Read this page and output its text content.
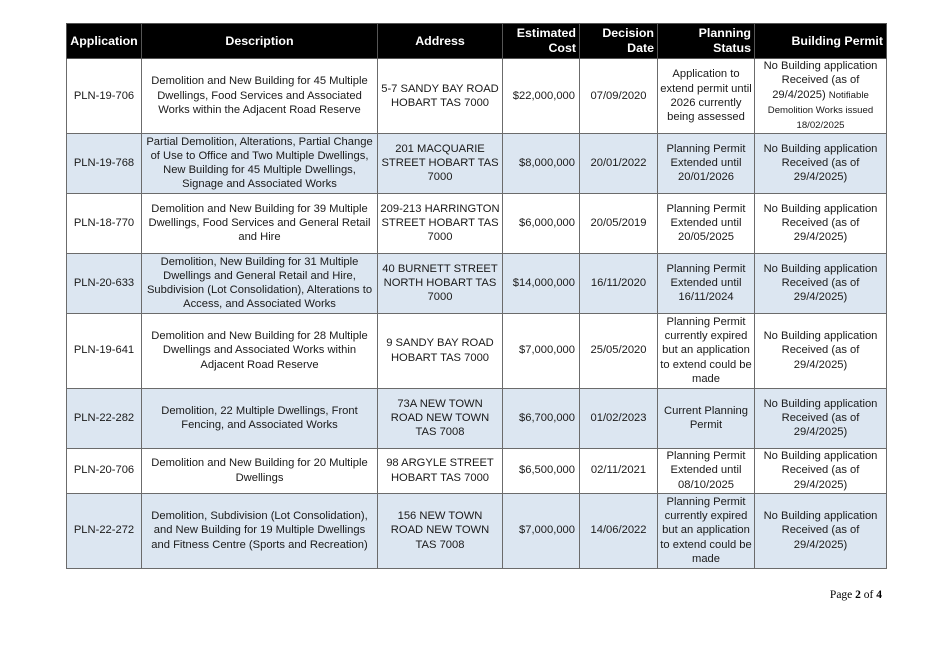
Application	Description	Address	Estimated Cost	Decision Date	Planning Status	Building Permit
PLN-19-706	Demolition and New Building for 45 Multiple Dwellings, Food Services and Associated Works within the Adjacent Road Reserve	5-7 SANDY BAY ROAD HOBART TAS 7000	$22,000,000	07/09/2020	Application to extend permit until 2026 currently being assessed	No Building application Received (as of 29/4/2025) Notifiable Demolition Works issued 18/02/2025
PLN-19-768	Partial Demolition, Alterations, Partial Change of Use to Office and Two Multiple Dwellings, New Building for 45 Multiple Dwellings, Signage and Associated Works	201 MACQUARIE STREET HOBART TAS 7000	$8,000,000	20/01/2022	Planning Permit Extended until 20/01/2026	No Building application Received (as of 29/4/2025)
PLN-18-770	Demolition and New Building for 39 Multiple Dwellings, Food Services and General Retail and Hire	209-213 HARRINGTON STREET HOBART TAS 7000	$6,000,000	20/05/2019	Planning Permit Extended until 20/05/2025	No Building application Received (as of 29/4/2025)
PLN-20-633	Demolition, New Building for 31 Multiple Dwellings and General Retail and Hire, Subdivision (Lot Consolidation), Alterations to Access, and Associated Works	40 BURNETT STREET NORTH HOBART TAS 7000	$14,000,000	16/11/2020	Planning Permit Extended until 16/11/2024	No Building application Received (as of 29/4/2025)
PLN-19-641	Demolition and New Building for 28 Multiple Dwellings and Associated Works within Adjacent Road Reserve	9 SANDY BAY ROAD HOBART TAS 7000	$7,000,000	25/05/2020	Planning Permit currently expired but an application to extend could be made	No Building application Received (as of 29/4/2025)
PLN-22-282	Demolition, 22 Multiple Dwellings, Front Fencing, and Associated Works	73A NEW TOWN ROAD NEW TOWN TAS 7008	$6,700,000	01/02/2023	Current Planning Permit	No Building application Received (as of 29/4/2025)
PLN-20-706	Demolition and New Building for 20 Multiple Dwellings	98 ARGYLE STREET HOBART TAS 7000	$6,500,000	02/11/2021	Planning Permit Extended until 08/10/2025	No Building application Received (as of 29/4/2025)
PLN-22-272	Demolition, Subdivision (Lot Consolidation), and New Building for 19 Multiple Dwellings and Fitness Centre (Sports and Recreation)	156 NEW TOWN ROAD NEW TOWN TAS 7008	$7,000,000	14/06/2022	Planning Permit currently expired but an application to extend could be made	No Building application Received (as of 29/4/2025)
Page 2 of 4
